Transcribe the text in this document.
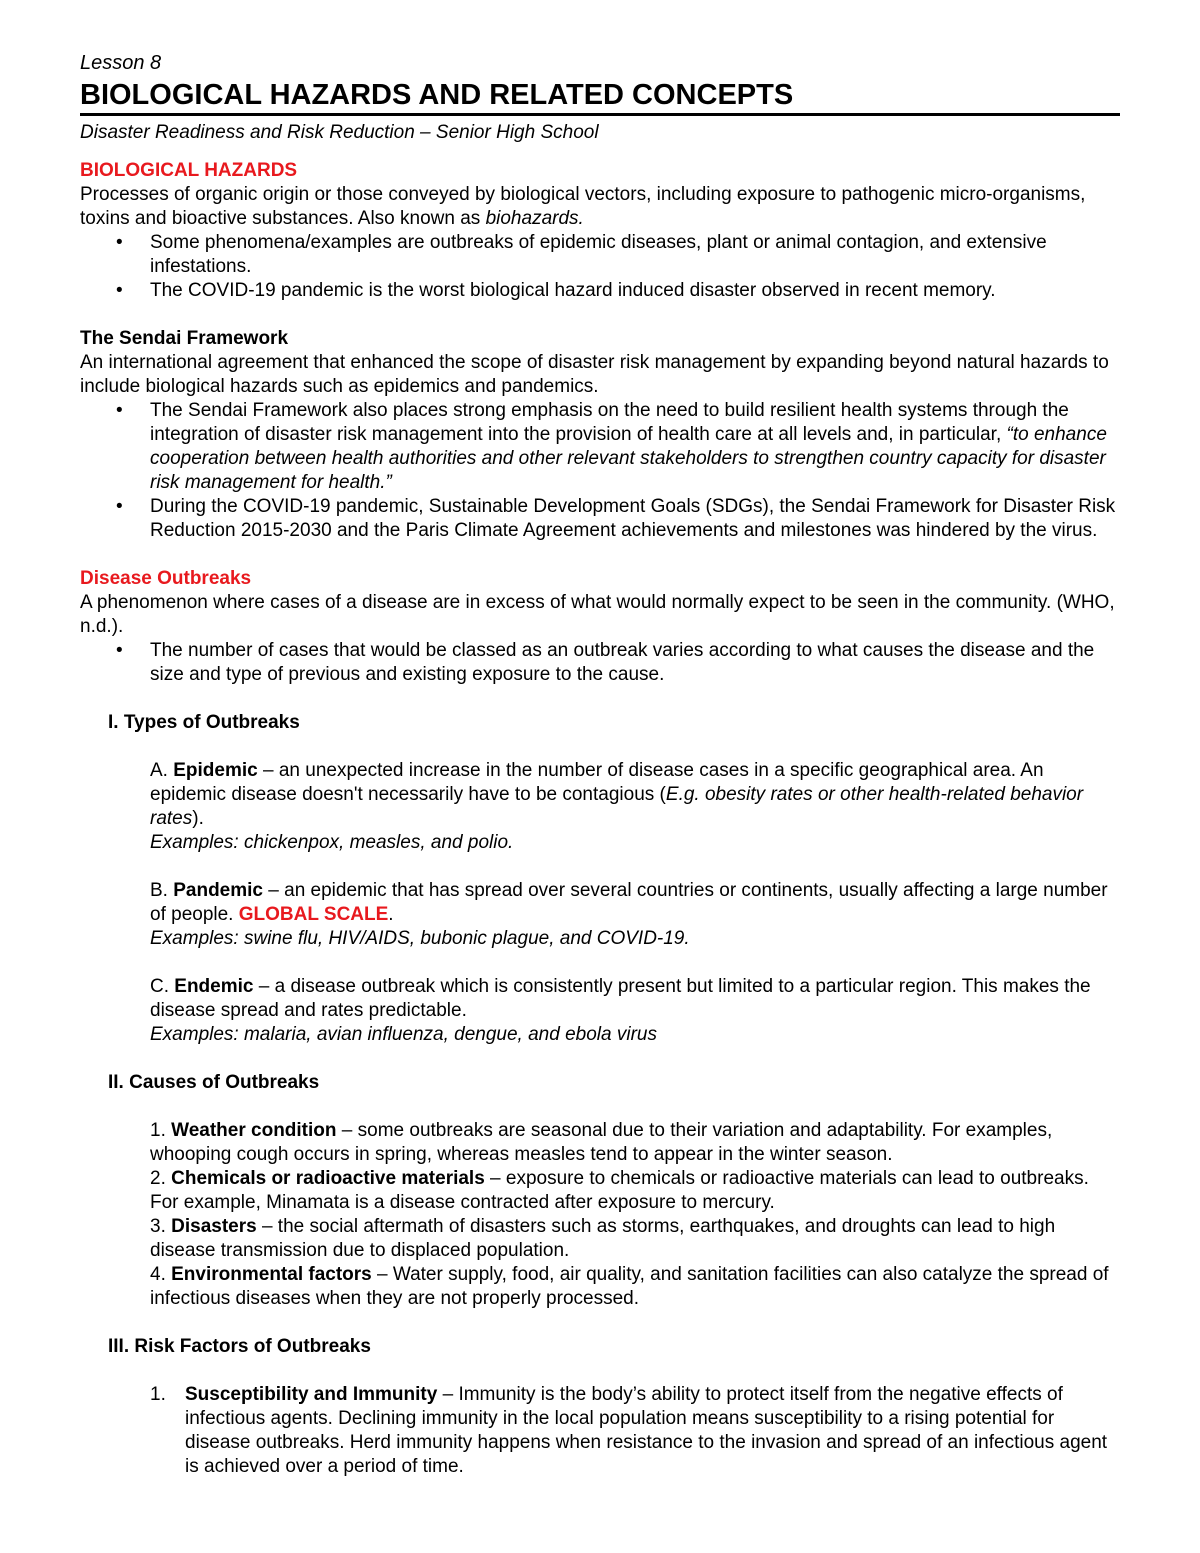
Lesson 8
BIOLOGICAL HAZARDS AND RELATED CONCEPTS
Disaster Readiness and Risk Reduction – Senior High School
BIOLOGICAL HAZARDS

Processes of organic origin or those conveyed by biological vectors, including exposure to pathogenic micro-organisms, toxins and bioactive substances. Also known as biohazards.

• Some phenomena/examples are outbreaks of epidemic diseases, plant or animal contagion, and extensive infestations.
• The COVID-19 pandemic is the worst biological hazard induced disaster observed in recent memory.
The Sendai Framework

An international agreement that enhanced the scope of disaster risk management by expanding beyond natural hazards to include biological hazards such as epidemics and pandemics.

• The Sendai Framework also places strong emphasis on the need to build resilient health systems through the integration of disaster risk management into the provision of health care at all levels and, in particular, “to enhance cooperation between health authorities and other relevant stakeholders to strengthen country capacity for disaster risk management for health.”
• During the COVID-19 pandemic, Sustainable Development Goals (SDGs), the Sendai Framework for Disaster Risk Reduction 2015-2030 and the Paris Climate Agreement achievements and milestones was hindered by the virus.
Disease Outbreaks

A phenomenon where cases of a disease are in excess of what would normally expect to be seen in the community. (WHO, n.d.).

• The number of cases that would be classed as an outbreak varies according to what causes the disease and the size and type of previous and existing exposure to the cause.
I. Types of Outbreaks
A. Epidemic – an unexpected increase in the number of disease cases in a specific geographical area. An epidemic disease doesn't necessarily have to be contagious (E.g. obesity rates or other health-related behavior rates).
Examples: chickenpox, measles, and polio.
B. Pandemic – an epidemic that has spread over several countries or continents, usually affecting a large number of people. GLOBAL SCALE.
Examples: swine flu, HIV/AIDS, bubonic plague, and COVID-19.
C. Endemic – a disease outbreak which is consistently present but limited to a particular region. This makes the disease spread and rates predictable.
Examples: malaria, avian influenza, dengue, and ebola virus
II. Causes of Outbreaks
1. Weather condition – some outbreaks are seasonal due to their variation and adaptability. For examples, whooping cough occurs in spring, whereas measles tend to appear in the winter season.
2. Chemicals or radioactive materials – exposure to chemicals or radioactive materials can lead to outbreaks. For example, Minamata is a disease contracted after exposure to mercury.
3. Disasters – the social aftermath of disasters such as storms, earthquakes, and droughts can lead to high disease transmission due to displaced population.
4. Environmental factors – Water supply, food, air quality, and sanitation facilities can also catalyze the spread of infectious diseases when they are not properly processed.
III. Risk Factors of Outbreaks
1. Susceptibility and Immunity – Immunity is the body’s ability to protect itself from the negative effects of infectious agents. Declining immunity in the local population means susceptibility to a rising potential for disease outbreaks. Herd immunity happens when resistance to the invasion and spread of an infectious agent is achieved over a period of time.
